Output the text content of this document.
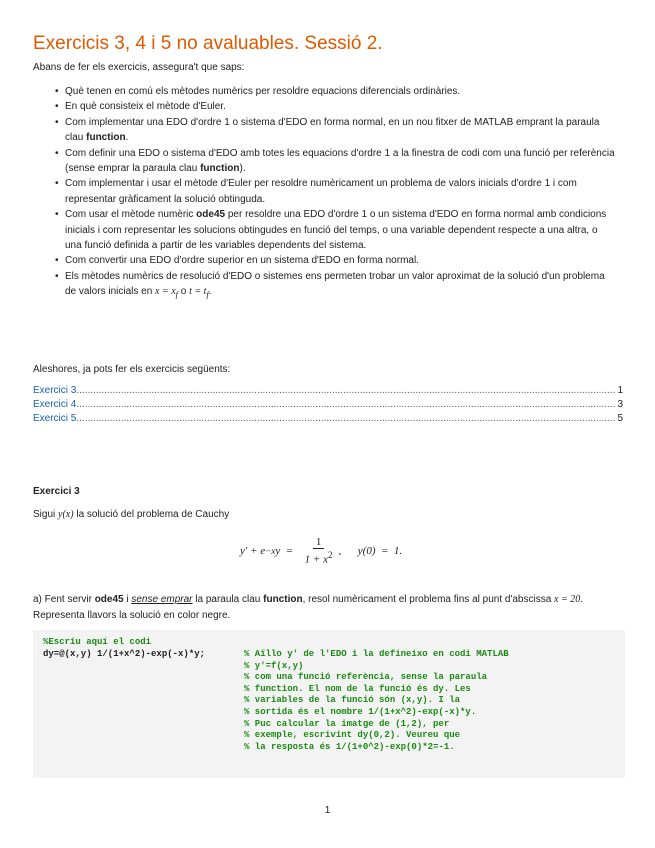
Exercicis 3, 4 i 5 no avaluables. Sessió 2.

Abans de fer els exercicis, assegura't que saps:

• Què tenen en comú els mètodes numèrics per resoldre equacions diferencials ordinàries.
• En què consisteix el mètode d'Euler.
• Com implementar una EDO d'ordre 1 o sistema d'EDO en forma normal, en un nou fitxer de MATLAB emprant la paraula clau function.
• Com definir una EDO o sistema d'EDO amb totes les equacions d'ordre 1 a la finestra de codi com una funció per referència (sense emprar la paraula clau function).
• Com implementar i usar el mètode d'Euler per resoldre numèricament un problema de valors inicials d'ordre 1 i com representar gràficament la solució obtinguda.
• Com usar el mètode numèric ode45 per resoldre una EDO d'ordre 1 o un sistema d'EDO en forma normal amb condicions inicials i com representar les solucions obtingudes en funció del temps, o una variable dependent respecte a una altra, o una funció definida a partir de les variables dependents del sistema.
• Com convertir una EDO d'ordre superior en un sistema d'EDO en forma normal.
• Els mètodes numèrics de resolució d'EDO o sistemes ens permeten trobar un valor aproximat de la solució d'un problema de valors inicials en $x = x_f$ o $t = t_f$.

Aleshores, ja pots fer els exercicis següents:

Exercici 3 .....	1
Exercici 4 .....	3
Exercici 5 .....	5
Exercici 3

Sigui y(x) la solució del problema de Cauchy

y′ + e −x $y = \frac{1}{1 + x^2}$ ,      y(0)  =  1.

a) Fent servir ode45 i sense emprar la paraula clau function, resol numèricament el problema fins al punt d'abscissa x = 20. Representa llavors la solució en color negre.

%Escriu aquí el codi
dy=@(x,y) 1/(1+x^2)-exp(-x)*y;	% Aïllo y' de l'EDO i la defineixo en codi MATLAB
% y'=f(x,y)
% com una funció referència, sense la paraula
% function. El nom de la funció és dy. Les
% variables de la funció són (x,y). I la
% sortida és el nombre 1/(1+x^2)-exp(-x)*y.
% Puc calcular la imatge de (1,2), per
% exemple, escrivint dy(0,2). Veureu que
% la resposta és 1/(1+0^2)-exp(0)*2=-1.
1
